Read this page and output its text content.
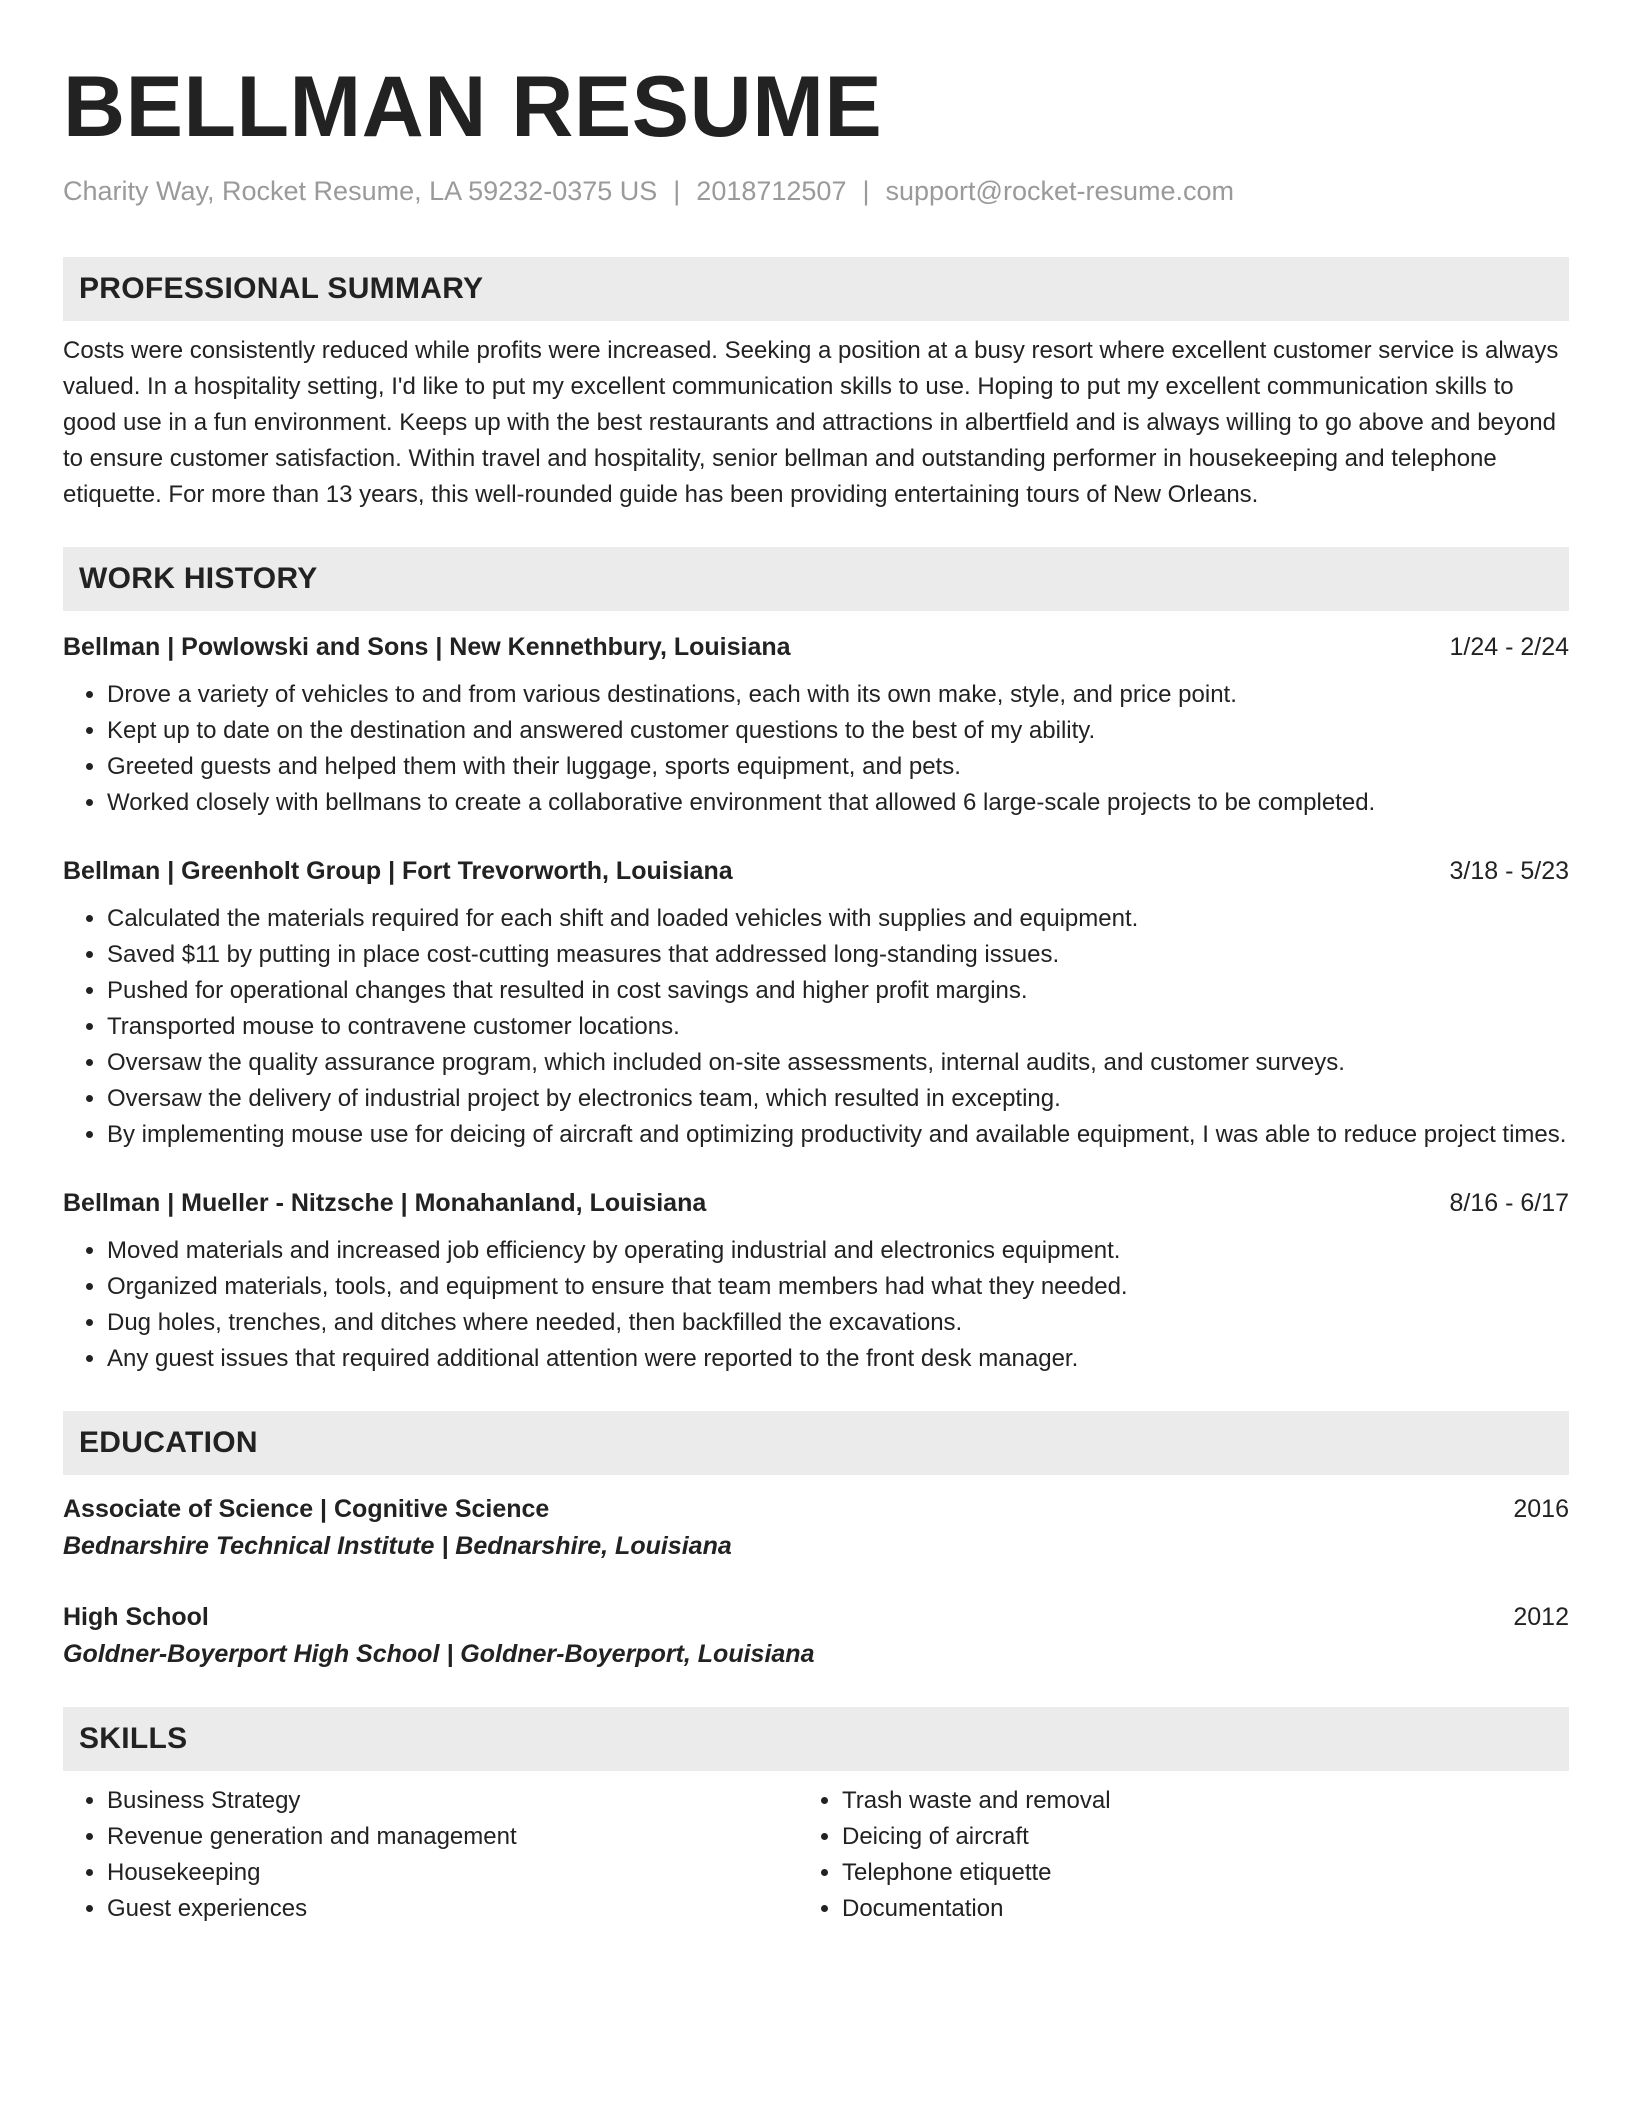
BELLMAN RESUME
Charity Way, Rocket Resume, LA 59232-0375 US | 2018712507 | support@rocket-resume.com
PROFESSIONAL SUMMARY
Costs were consistently reduced while profits were increased. Seeking a position at a busy resort where excellent customer service is always valued. In a hospitality setting, I'd like to put my excellent communication skills to use. Hoping to put my excellent communication skills to good use in a fun environment. Keeps up with the best restaurants and attractions in albertfield and is always willing to go above and beyond to ensure customer satisfaction. Within travel and hospitality, senior bellman and outstanding performer in housekeeping and telephone etiquette. For more than 13 years, this well-rounded guide has been providing entertaining tours of New Orleans.
WORK HISTORY
Bellman | Powlowski and Sons | New Kennethbury, Louisiana	1/24 - 2/24
• Drove a variety of vehicles to and from various destinations, each with its own make, style, and price point.
• Kept up to date on the destination and answered customer questions to the best of my ability.
• Greeted guests and helped them with their luggage, sports equipment, and pets.
• Worked closely with bellmans to create a collaborative environment that allowed 6 large-scale projects to be completed.
Bellman | Greenholt Group | Fort Trevorworth, Louisiana	3/18 - 5/23
• Calculated the materials required for each shift and loaded vehicles with supplies and equipment.
• Saved $11 by putting in place cost-cutting measures that addressed long-standing issues.
• Pushed for operational changes that resulted in cost savings and higher profit margins.
• Transported mouse to contravene customer locations.
• Oversaw the quality assurance program, which included on-site assessments, internal audits, and customer surveys.
• Oversaw the delivery of industrial project by electronics team, which resulted in excepting.
• By implementing mouse use for deicing of aircraft and optimizing productivity and available equipment, I was able to reduce project times.
Bellman | Mueller - Nitzsche | Monahanland, Louisiana	8/16 - 6/17
• Moved materials and increased job efficiency by operating industrial and electronics equipment.
• Organized materials, tools, and equipment to ensure that team members had what they needed.
• Dug holes, trenches, and ditches where needed, then backfilled the excavations.
• Any guest issues that required additional attention were reported to the front desk manager.
EDUCATION
Associate of Science | Cognitive Science	2016
Bednarshire Technical Institute | Bednarshire, Louisiana
High School	2012
Goldner-Boyerport High School | Goldner-Boyerport, Louisiana
SKILLS
• Business Strategy
• Revenue generation and management
• Housekeeping
• Guest experiences
• Trash waste and removal
• Deicing of aircraft
• Telephone etiquette
• Documentation
